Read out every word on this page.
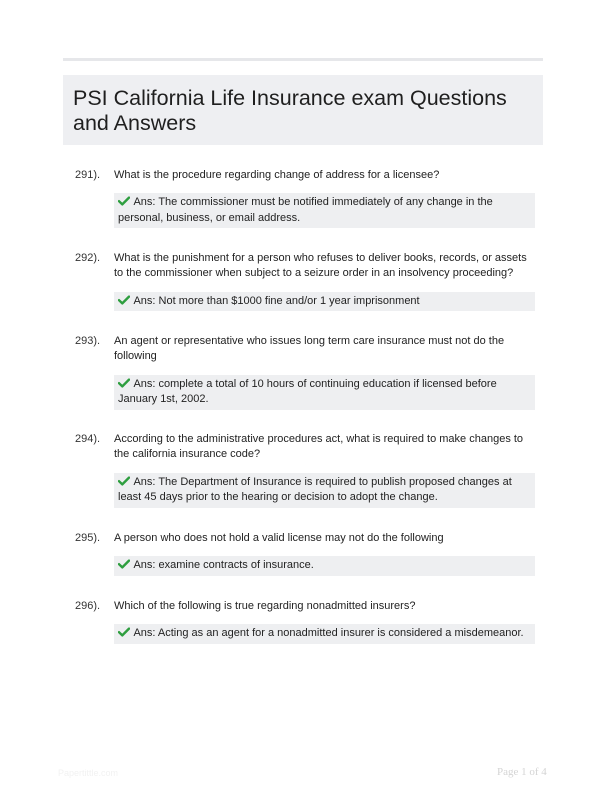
PSI California Life Insurance exam Questions and Answers
291). What is the procedure regarding change of address for a licensee?
Ans: The commissioner must be notified immediately of any change in the personal, business, or email address.
292). What is the punishment for a person who refuses to deliver books, records, or assets to the commissioner when subject to a seizure order in an insolvency proceeding?
Ans: Not more than $1000 fine and/or 1 year imprisonment
293). An agent or representative who issues long term care insurance must not do the following
Ans: complete a total of 10 hours of continuing education if licensed before January 1st, 2002.
294). According to the administrative procedures act, what is required to make changes to the california insurance code?
Ans: The Department of Insurance is required to publish proposed changes at least 45 days prior to the hearing or decision to adopt the change.
295). A person who does not hold a valid license may not do the following
Ans: examine contracts of insurance.
296). Which of the following is true regarding nonadmitted insurers?
Ans: Acting as an agent for a nonadmitted insurer is considered a misdemeanor.
Papertittle.com	Page 1 of 4
